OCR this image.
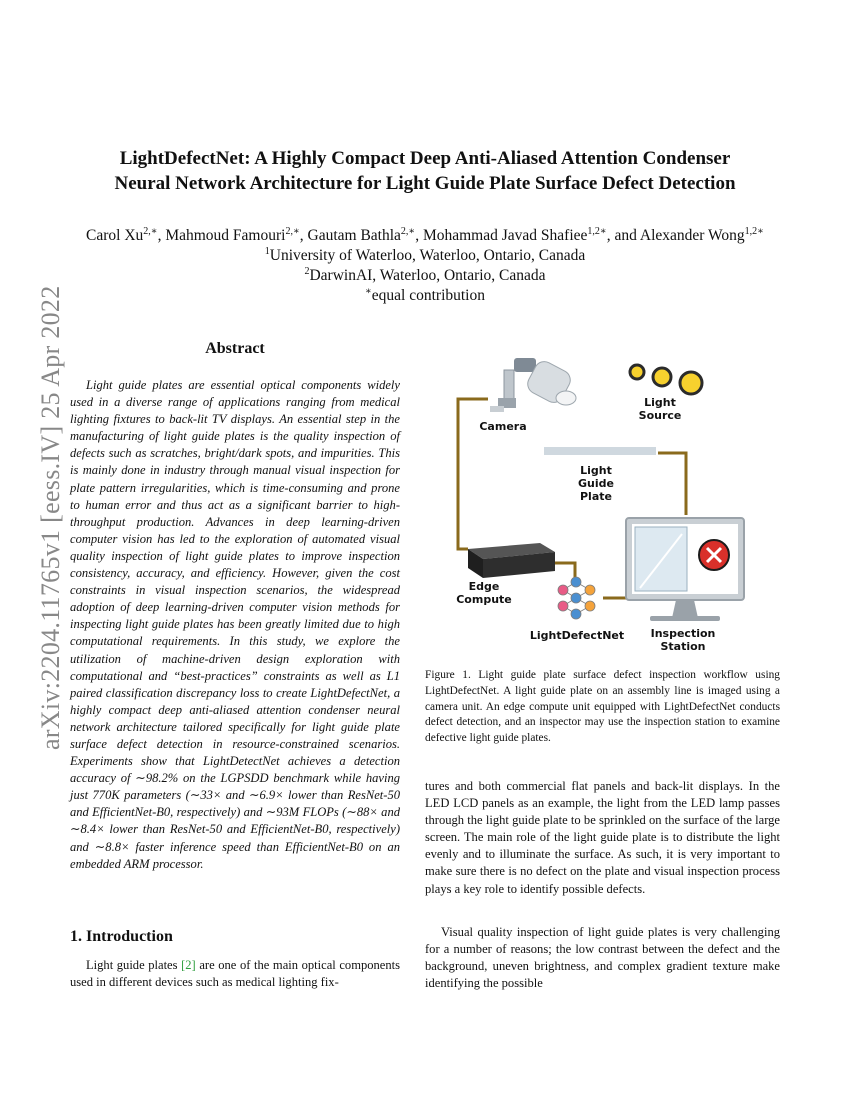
arXiv:2204.11765v1 [eess.IV] 25 Apr 2022
LightDefectNet: A Highly Compact Deep Anti-Aliased Attention Condenser
Neural Network Architecture for Light Guide Plate Surface Defect Detection
Carol $Xu^{2,∗}$, Mahmoud Famouri$^{2,∗}$, Gautam Bathla$^{2,∗}$, Mohammad Javad Shafiee$^{1,2∗}$, and Alexander Wong$^{1,2∗}$
$^1$University of Waterloo, Waterloo, Ontario, Canada
$^2$DarwinAI, Waterloo, Ontario, Canada
∗equal contribution
Abstract
Light guide plates are essential optical components widely used in a diverse range of applications ranging from medical lighting fixtures to back-lit TV displays. An essential step in the manufacturing of light guide plates is the quality inspection of defects such as scratches, bright/dark spots, and impurities. This is mainly done in industry through manual visual inspection for plate pattern irregularities, which is time-consuming and prone to human error and thus act as a significant barrier to high-throughput production. Advances in deep learning-driven computer vision has led to the exploration of automated visual quality inspection of light guide plates to improve inspection consistency, accuracy, and efficiency. However, given the cost constraints in visual inspection scenarios, the widespread adoption of deep learning-driven computer vision methods for inspecting light guide plates has been greatly limited due to high computational requirements. In this study, we explore the utilization of machine-driven design exploration with computational and “best-practices” constraints as well as L1 paired classification discrepancy loss to create LightDefectNet, a highly compact deep anti-aliased attention condenser neural network architecture tailored specifically for light guide plate surface defect detection in resource-constrained scenarios. Experiments show that LightDetectNet achieves a detection accuracy of ∼98.2% on the LGPSDD benchmark while having just 770K parameters (∼33× and ∼6.9× lower than ResNet-50 and EfficientNet-B0, respectively) and ∼93M FLOPs (∼88× and ∼8.4× lower than ResNet-50 and EfficientNet-B0, respectively) and ∼8.8× faster inference speed than EfficientNet-B0 on an embedded ARM processor.
1. Introduction
Light guide plates [2] are one of the main optical components used in different devices such as medical lighting fix-
Camera
Light
Source
Light
Guide
Plate
Edge
Compute
LightDefectNet	Inspection
Station
Figure 1. Light guide plate surface defect inspection workflow using LightDefectNet. A light guide plate on an assembly line is imaged using a camera unit. An edge compute unit equipped with LightDefectNet conducts defect detection, and an inspector may use the inspection station to examine defective light guide plates.
tures and both commercial flat panels and back-lit displays. In the LED LCD panels as an example, the light from the LED lamp passes through the light guide plate to be sprinkled on the surface of the large screen. The main role of the light guide plate is to distribute the light evenly and to illuminate the surface. As such, it is very important to make sure there is no defect on the plate and visual inspection process plays a key role to identify possible defects.
Visual quality inspection of light guide plates is very challenging for a number of reasons; the low contrast between the defect and the background, uneven brightness, and complex gradient texture make identifying the possible
